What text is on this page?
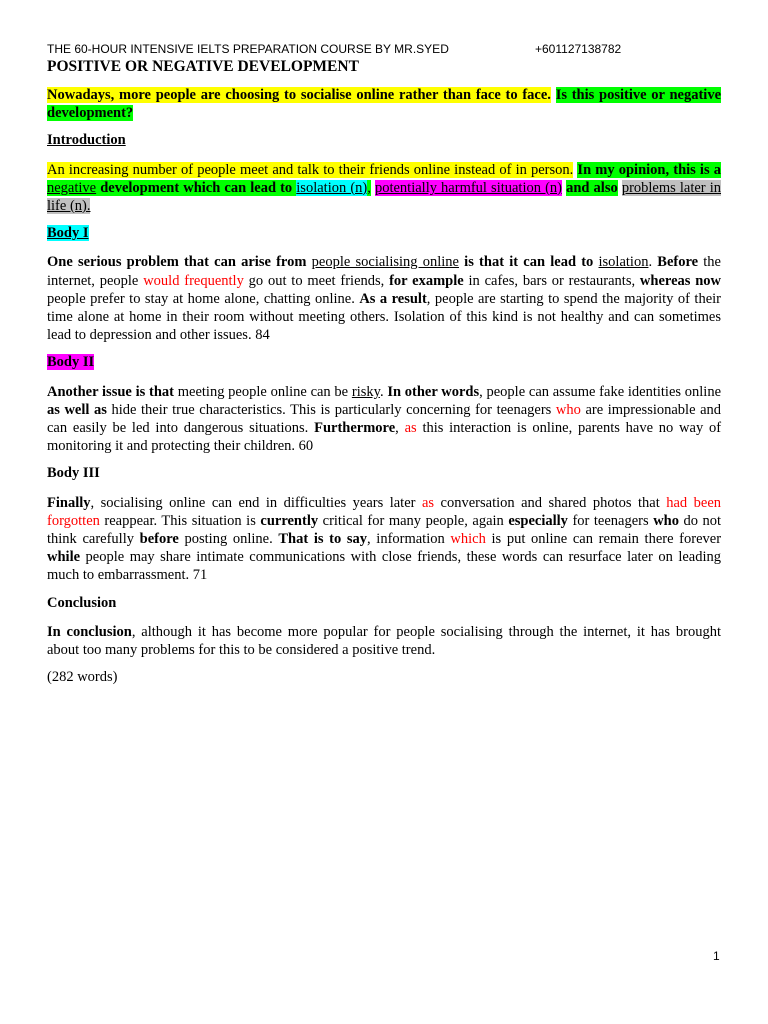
THE 60-HOUR INTENSIVE IELTS PREPARATION COURSE BY MR.SYED	+601127138782
POSITIVE OR NEGATIVE DEVELOPMENT

Nowadays, more people are choosing to socialise online rather than face to face. Is this positive or negative development?

Introduction

An increasing number of people meet and talk to their friends online instead of in person. In my opinion, this is a negative development which can lead to isolation (n), potentially harmful situation (n) and also problems later in life (n).

Body I

One serious problem that can arise from people socialising online is that it can lead to isolation. Before the internet, people would frequently go out to meet friends, for example in cafes, bars or restaurants, whereas now people prefer to stay at home alone, chatting online. As a result, people are starting to spend the majority of their time alone at home in their room without meeting others. Isolation of this kind is not healthy and can sometimes lead to depression and other issues. 84

Body II

Another issue is that meeting people online can be risky. In other words, people can assume fake identities online as well as hide their true characteristics. This is particularly concerning for teenagers who are impressionable and can easily be led into dangerous situations. Furthermore, as this interaction is online, parents have no way of monitoring it and protecting their children. 60

Body III

Finally, socialising online can end in difficulties years later as conversation and shared photos that had been forgotten reappear. This situation is currently critical for many people, again especially for teenagers who do not think carefully before posting online. That is to say, information which is put online can remain there forever while people may share intimate communications with close friends, these words can resurface later on leading much to embarrassment. 71

Conclusion

In conclusion, although it has become more popular for people socialising through the internet, it has brought about too many problems for this to be considered a positive trend.

(282 words)

1
